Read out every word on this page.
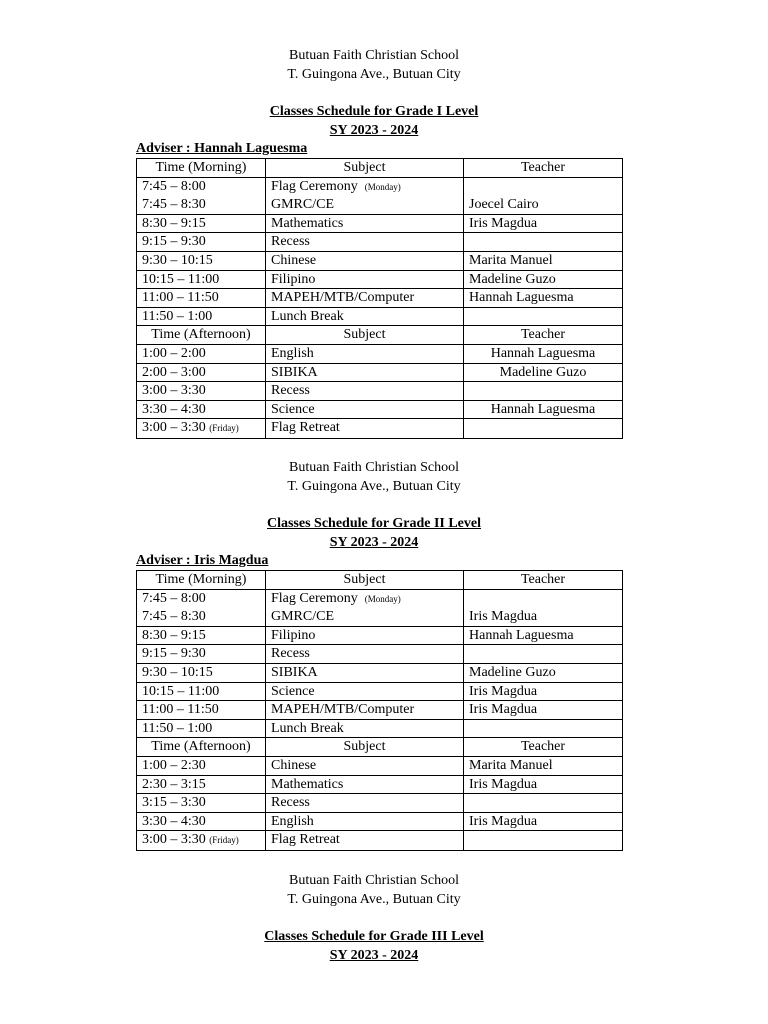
Butuan Faith Christian School
T. Guingona Ave., Butuan City
Classes Schedule for Grade I Level
SY 2023 - 2024
Adviser : Hannah Laguesma
Time (Morning)	Subject	Teacher
7:45 – 8:00	Flag Ceremony (Monday)	
7:45 – 8:30	GMRC/CE	Joecel Cairo
8:30 – 9:15	Mathematics	Iris Magdua
9:15 – 9:30	Recess	
9:30 – 10:15	Chinese	Marita Manuel
10:15 – 11:00	Filipino	Madeline Guzo
11:00 – 11:50	MAPEH/MTB/Computer	Hannah Laguesma
11:50 – 1:00	Lunch Break	
Time (Afternoon)	Subject	Teacher
1:00 – 2:00	English	Hannah Laguesma
2:00 – 3:00	SIBIKA	Madeline Guzo
3:00 – 3:30	Recess	
3:30 – 4:30	Science	Hannah Laguesma
3:00 – 3:30 (Friday)	Flag Retreat	
Butuan Faith Christian School
T. Guingona Ave., Butuan City
Classes Schedule for Grade II Level
SY 2023 - 2024
Adviser : Iris Magdua
Time (Morning)	Subject	Teacher
7:45 – 8:00	Flag Ceremony (Monday)	
7:45 – 8:30	GMRC/CE	Iris Magdua
8:30 – 9:15	Filipino	Hannah Laguesma
9:15 – 9:30	Recess	
9:30 – 10:15	SIBIKA	Madeline Guzo
10:15 – 11:00	Science	Iris Magdua
11:00 – 11:50	MAPEH/MTB/Computer	Iris Magdua
11:50 – 1:00	Lunch Break	
Time (Afternoon)	Subject	Teacher
1:00 – 2:30	Chinese	Marita Manuel
2:30 – 3:15	Mathematics	Iris Magdua
3:15 – 3:30	Recess	
3:30 – 4:30	English	Iris Magdua
3:00 – 3:30 (Friday)	Flag Retreat	
Butuan Faith Christian School
T. Guingona Ave., Butuan City
Classes Schedule for Grade III Level
SY 2023 - 2024
